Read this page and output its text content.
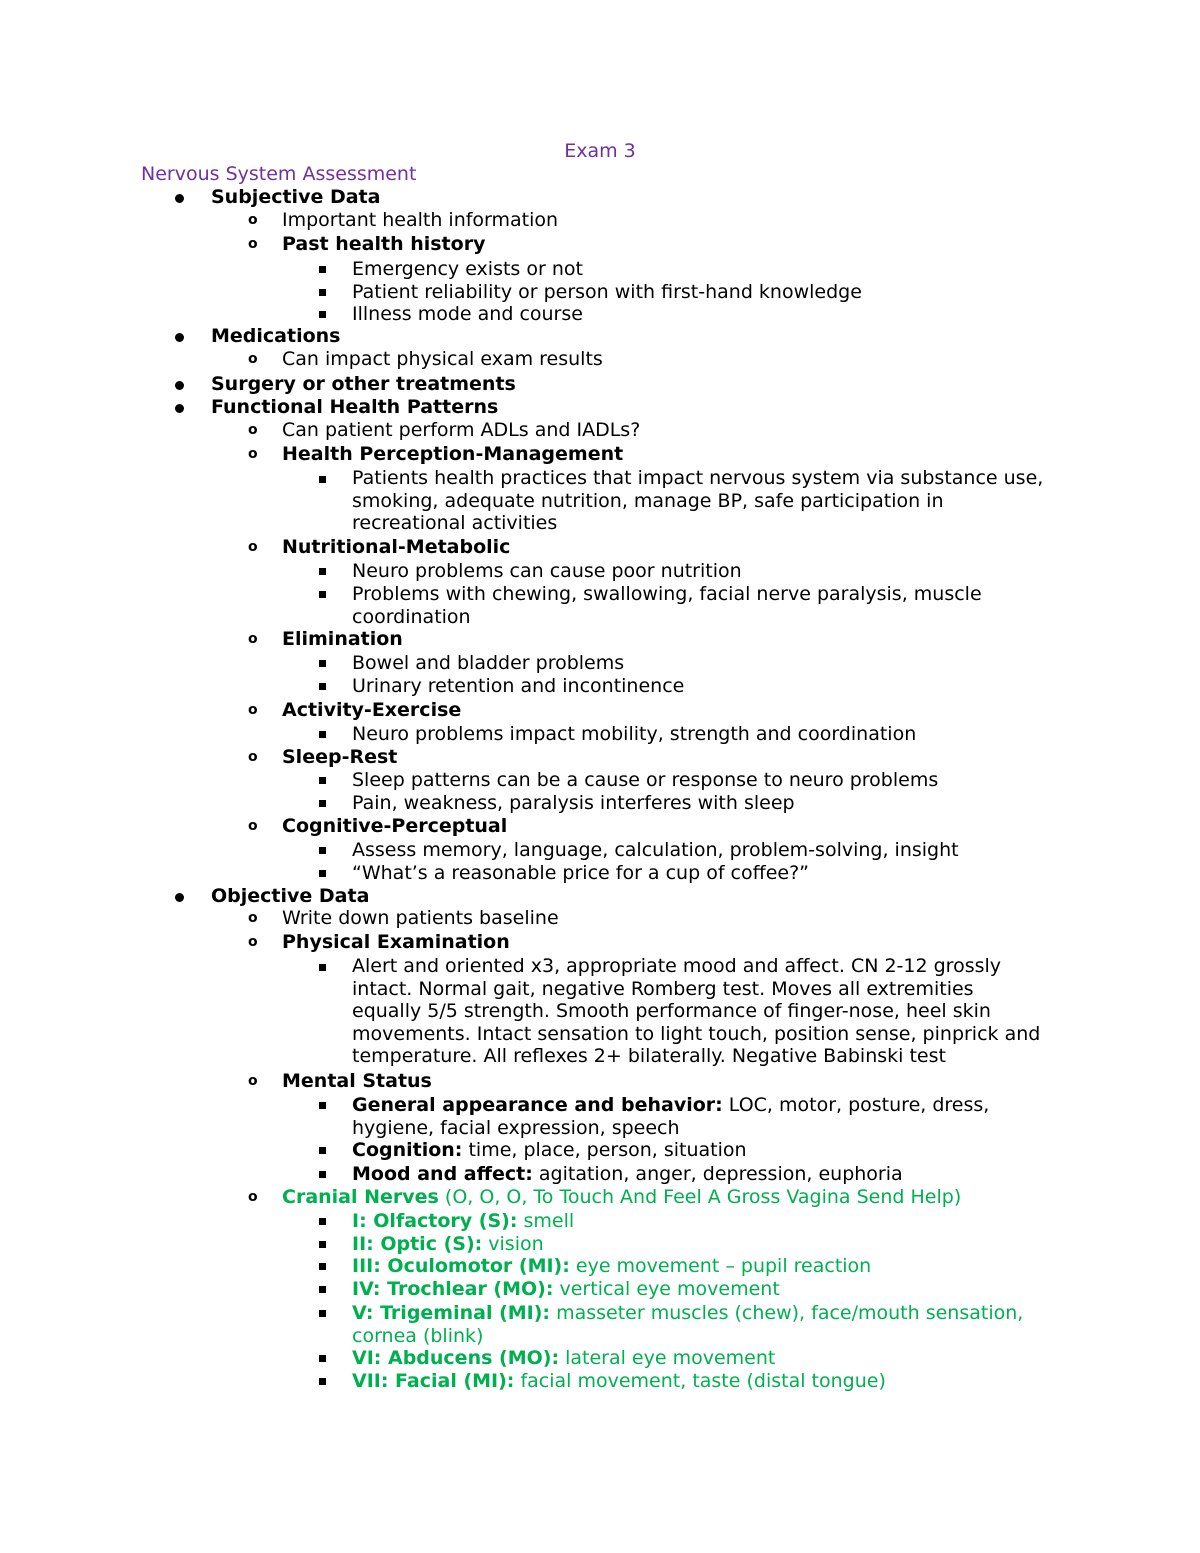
Exam 3
Nervous System Assessment
Subjective Data
o Important health information
o Past health history
Emergency exists or not
Patient reliability or person with first-hand knowledge
Illness mode and course
Medications
o Can impact physical exam results
Surgery or other treatments
Functional Health Patterns
o Can patient perform ADLs and IADLs?
o Health Perception-Management
Patients health practices that impact nervous system via substance use, smoking, adequate nutrition, manage BP, safe participation in recreational activities
o Nutritional-Metabolic
Neuro problems can cause poor nutrition
Problems with chewing, swallowing, facial nerve paralysis, muscle coordination
o Elimination
Bowel and bladder problems
Urinary retention and incontinence
o Activity-Exercise
Neuro problems impact mobility, strength and coordination
o Sleep-Rest
Sleep patterns can be a cause or response to neuro problems
Pain, weakness, paralysis interferes with sleep
o Cognitive-Perceptual
Assess memory, language, calculation, problem-solving, insight
“What’s a reasonable price for a cup of coffee?”
Objective Data
o Write down patients baseline
o Physical Examination
Alert and oriented x3, appropriate mood and affect. CN 2-12 grossly intact. Normal gait, negative Romberg test. Moves all extremities equally 5/5 strength. Smooth performance of finger-nose, heel skin movements. Intact sensation to light touch, position sense, pinprick and temperature. All reflexes 2+ bilaterally. Negative Babinski test
o Mental Status
General appearance and behavior: LOC, motor, posture, dress, hygiene, facial expression, speech
Cognition: time, place, person, situation
Mood and affect: agitation, anger, depression, euphoria
o Cranial Nerves (O, O, O, To Touch And Feel A Gross Vagina Send Help)
I: Olfactory (S): smell
II: Optic (S): vision
III: Oculomotor (MI): eye movement – pupil reaction
IV: Trochlear (MO): vertical eye movement
V: Trigeminal (MI): masseter muscles (chew), face/mouth sensation, cornea (blink)
VI: Abducens (MO): lateral eye movement
VII: Facial (MI): facial movement, taste (distal tongue)
